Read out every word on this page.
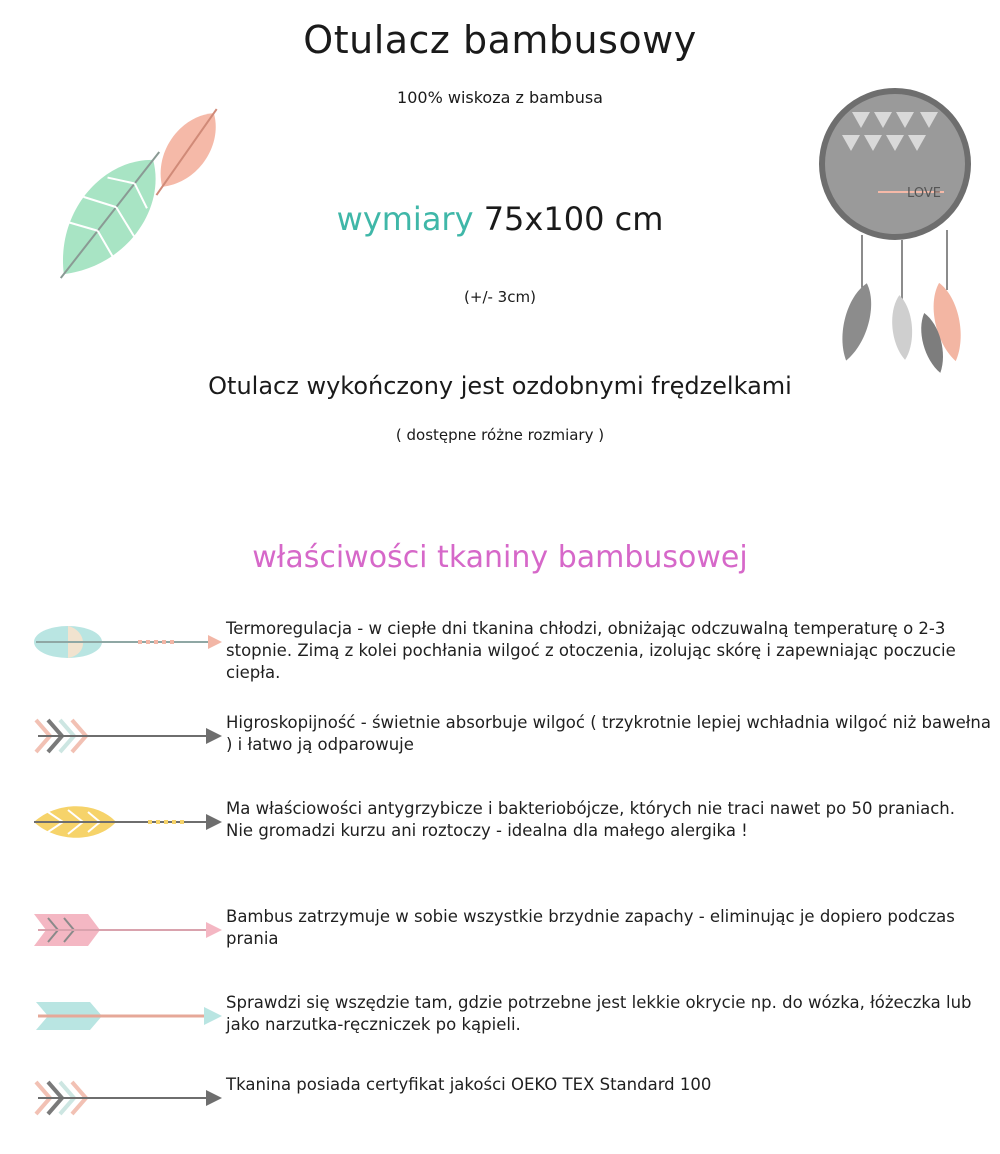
LOVE
Otulacz bambusowy
100% wiskoza z bambusa
wymiary 75x100 cm
(+/- 3cm)
Otulacz wykończony jest ozdobnymi frędzelkami
( dostępne różne rozmiary )
właściwości tkaniny bambusowej
Termoregulacja - w ciepłe dni tkanina chłodzi, obniżając odczuwalną temperaturę o 2-3 stopnie. Zimą z kolei pochłania wilgoć z otoczenia, izolując skórę i zapewniając poczucie ciepła.
Higroskopijność - świetnie absorbuje wilgoć ( trzykrotnie lepiej wchładnia wilgoć niż bawełna ) i łatwo ją odparowuje
Ma właściowości antygrzybicze i bakteriobójcze, których nie traci nawet po 50 praniach.
Nie gromadzi kurzu ani roztoczy - idealna dla małego alergika !
Bambus zatrzymuje w sobie wszystkie brzydnie zapachy - eliminując je dopiero podczas prania
Sprawdzi się wszędzie tam, gdzie potrzebne jest lekkie okrycie np. do wózka, łóżeczka lub jako narzutka-ręczniczek po kąpieli.
Tkanina posiada certyfikat jakości OEKO TEX Standard 100
